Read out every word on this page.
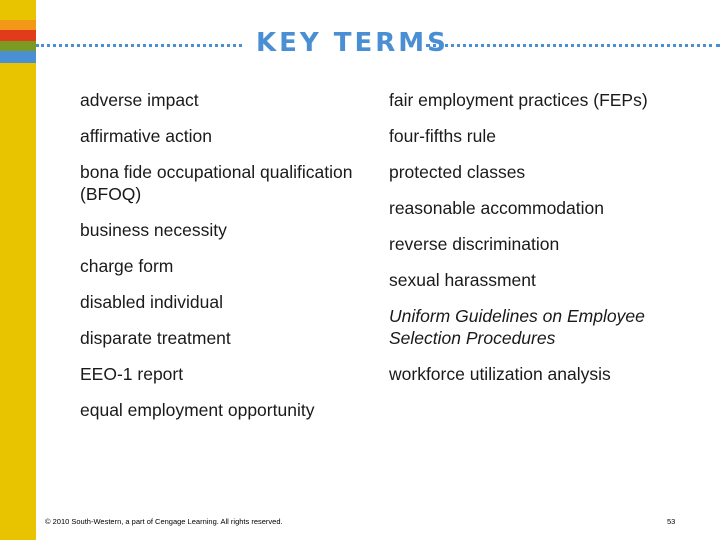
KEY TERMS
adverse impact
affirmative action
bona fide occupational qualification (BFOQ)
business necessity
charge form
disabled individual
disparate treatment
EEO-1 report
equal employment opportunity
fair employment practices (FEPs)
four-fifths rule
protected classes
reasonable accommodation
reverse discrimination
sexual harassment
Uniform Guidelines on Employee Selection Procedures
workforce utilization analysis
© 2010 South-Western, a part of Cengage Learning. All rights reserved.	53
